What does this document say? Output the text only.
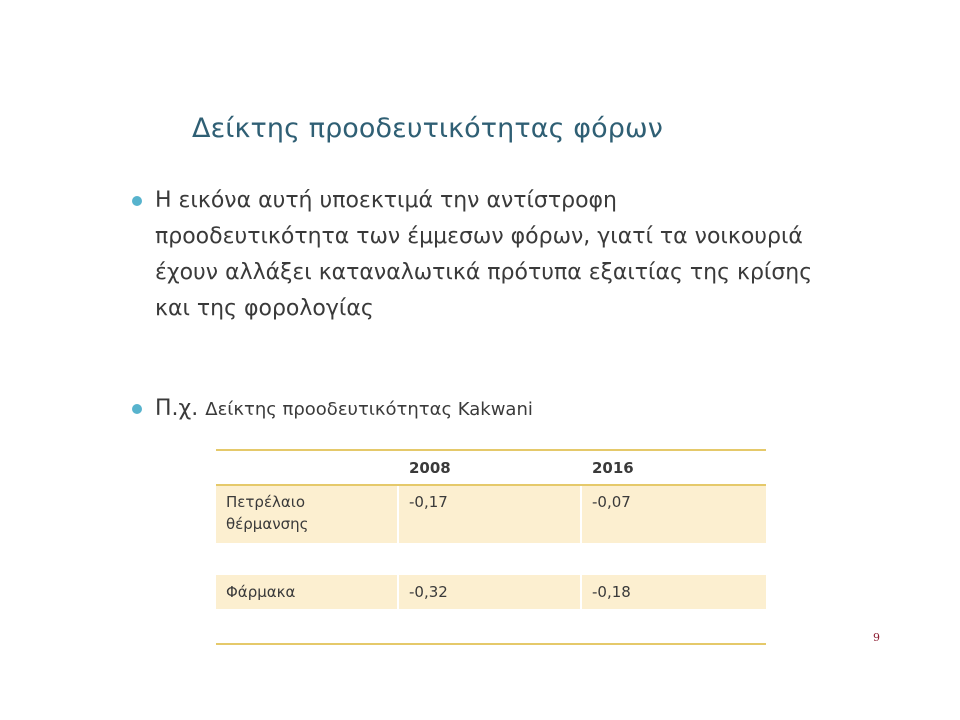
Δείκτης προοδευτικότητας φόρων
Η εικόνα αυτή υποεκτιμά την αντίστροφη προοδευτικότητα των έμμεσων φόρων, γιατί τα νοικουριά έχουν αλλάξει καταναλωτικά πρότυπα εξαιτίας της κρίσης και της φορολογίας
Π.χ. Δείκτης προοδευτικότητας Kakwani
	2008	2016
Πετρέλαιο θέρμανσης	-0,17	-0,07

Φάρμακα	-0,32	-0,18

9
